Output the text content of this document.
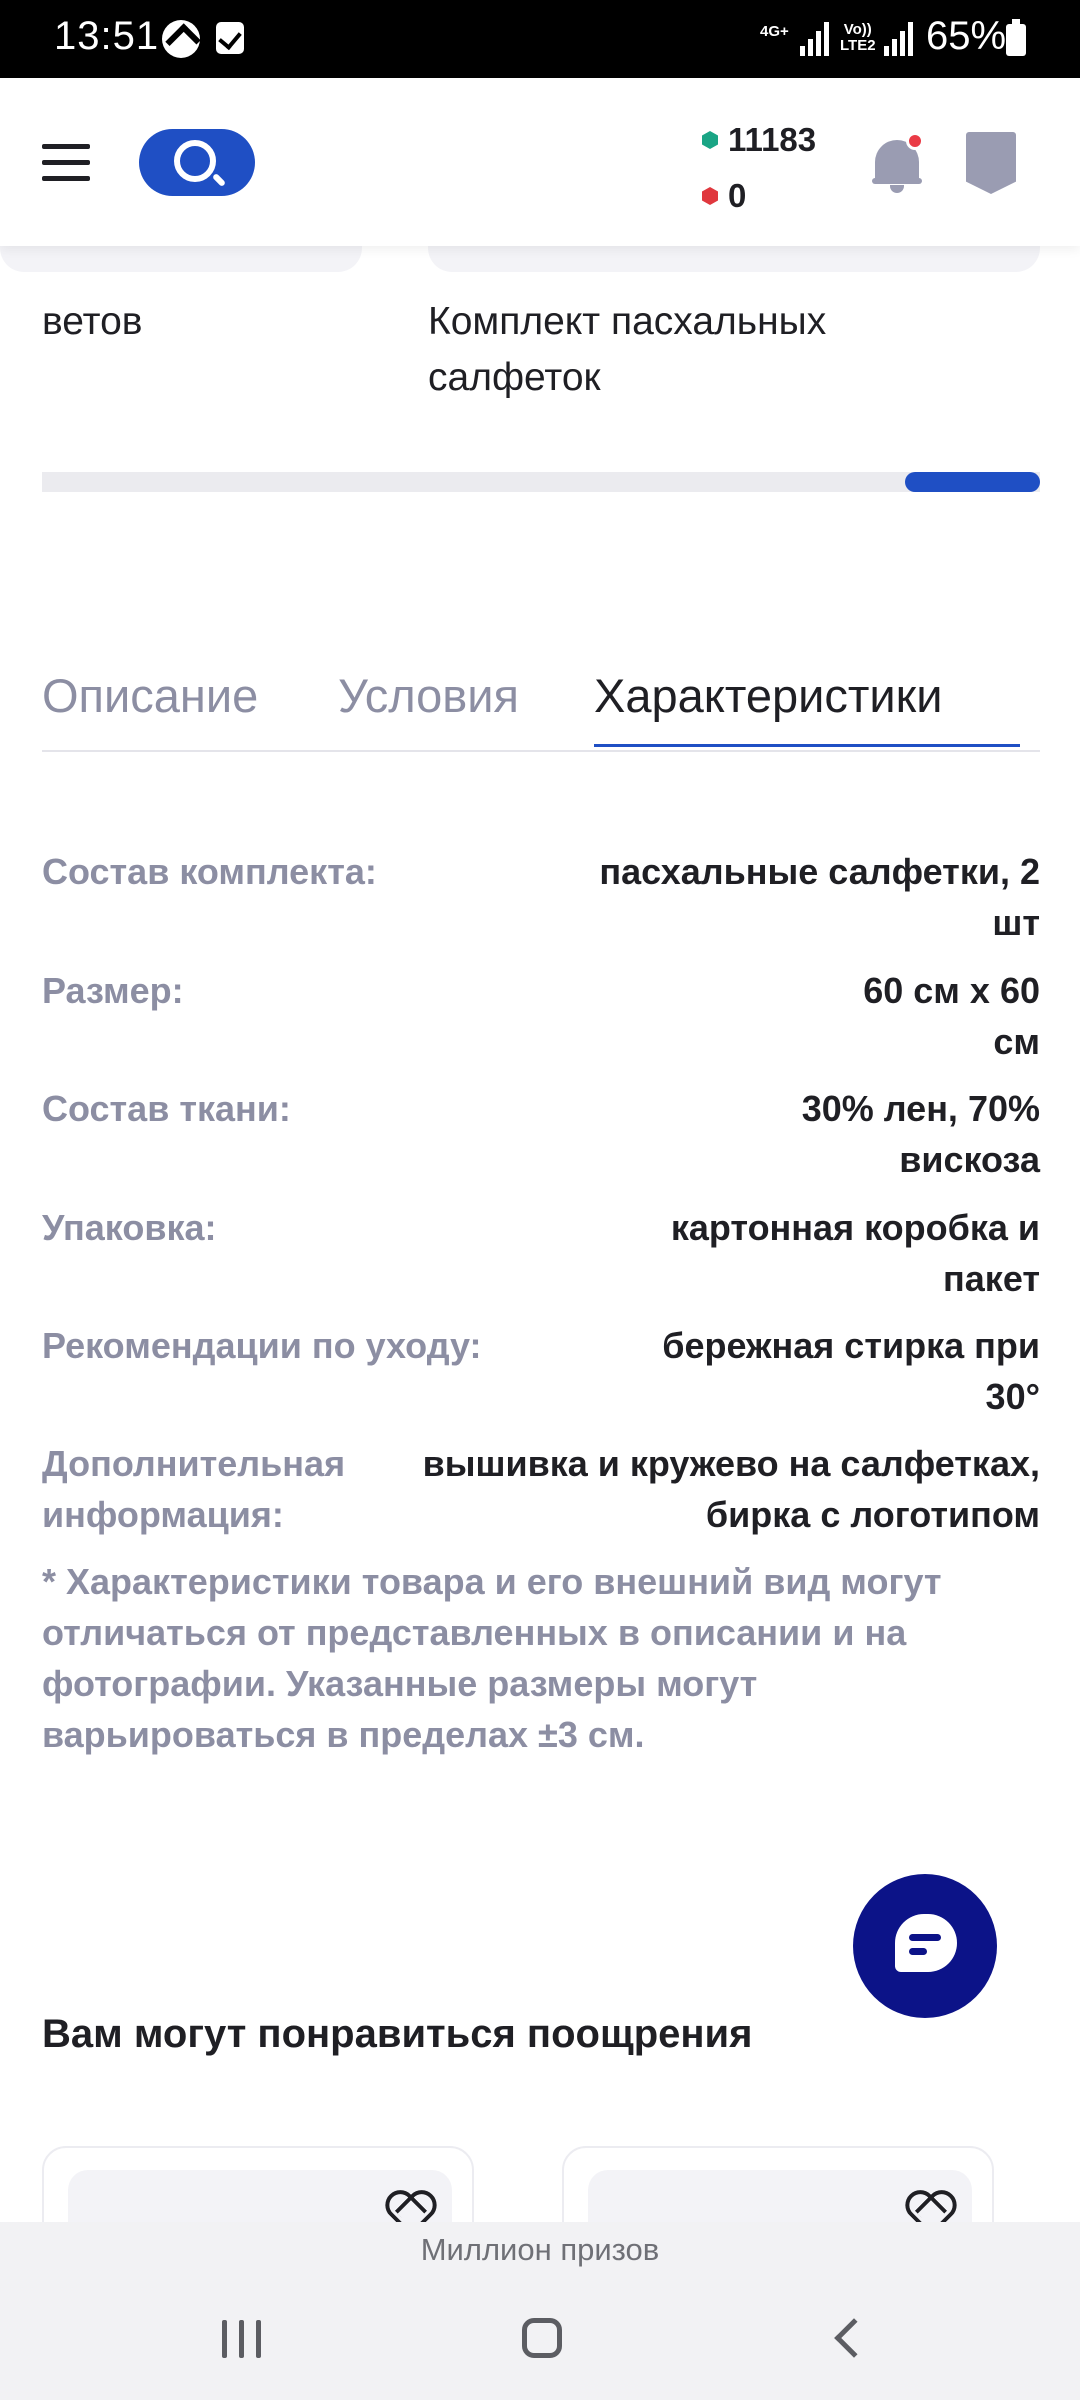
13:51	4G+	Vo))
LTE2 65%
11183
0
ветов	Комплект пасхальных
салфеток
Описание Условия Характеристики
Состав комплекта:	пасхальные салфетки, 2
шт
Размер:	60 см x 60
см
Состав ткани:	30% лен, 70%
вискоза
Упаковка:	картонная коробка и
пакет
Рекомендации по уходу:	бережная стирка при
30°
Дополнительная
информация:
вышивка и кружево на салфетках,
бирка с логотипом
* Характеристики товара и его внешний вид могут
отличаться от представленных в описании и на
фотографии. Указанные размеры могут
варьироваться в пределах ±3 см.
Вам могут понравиться поощрения
Миллион призов
